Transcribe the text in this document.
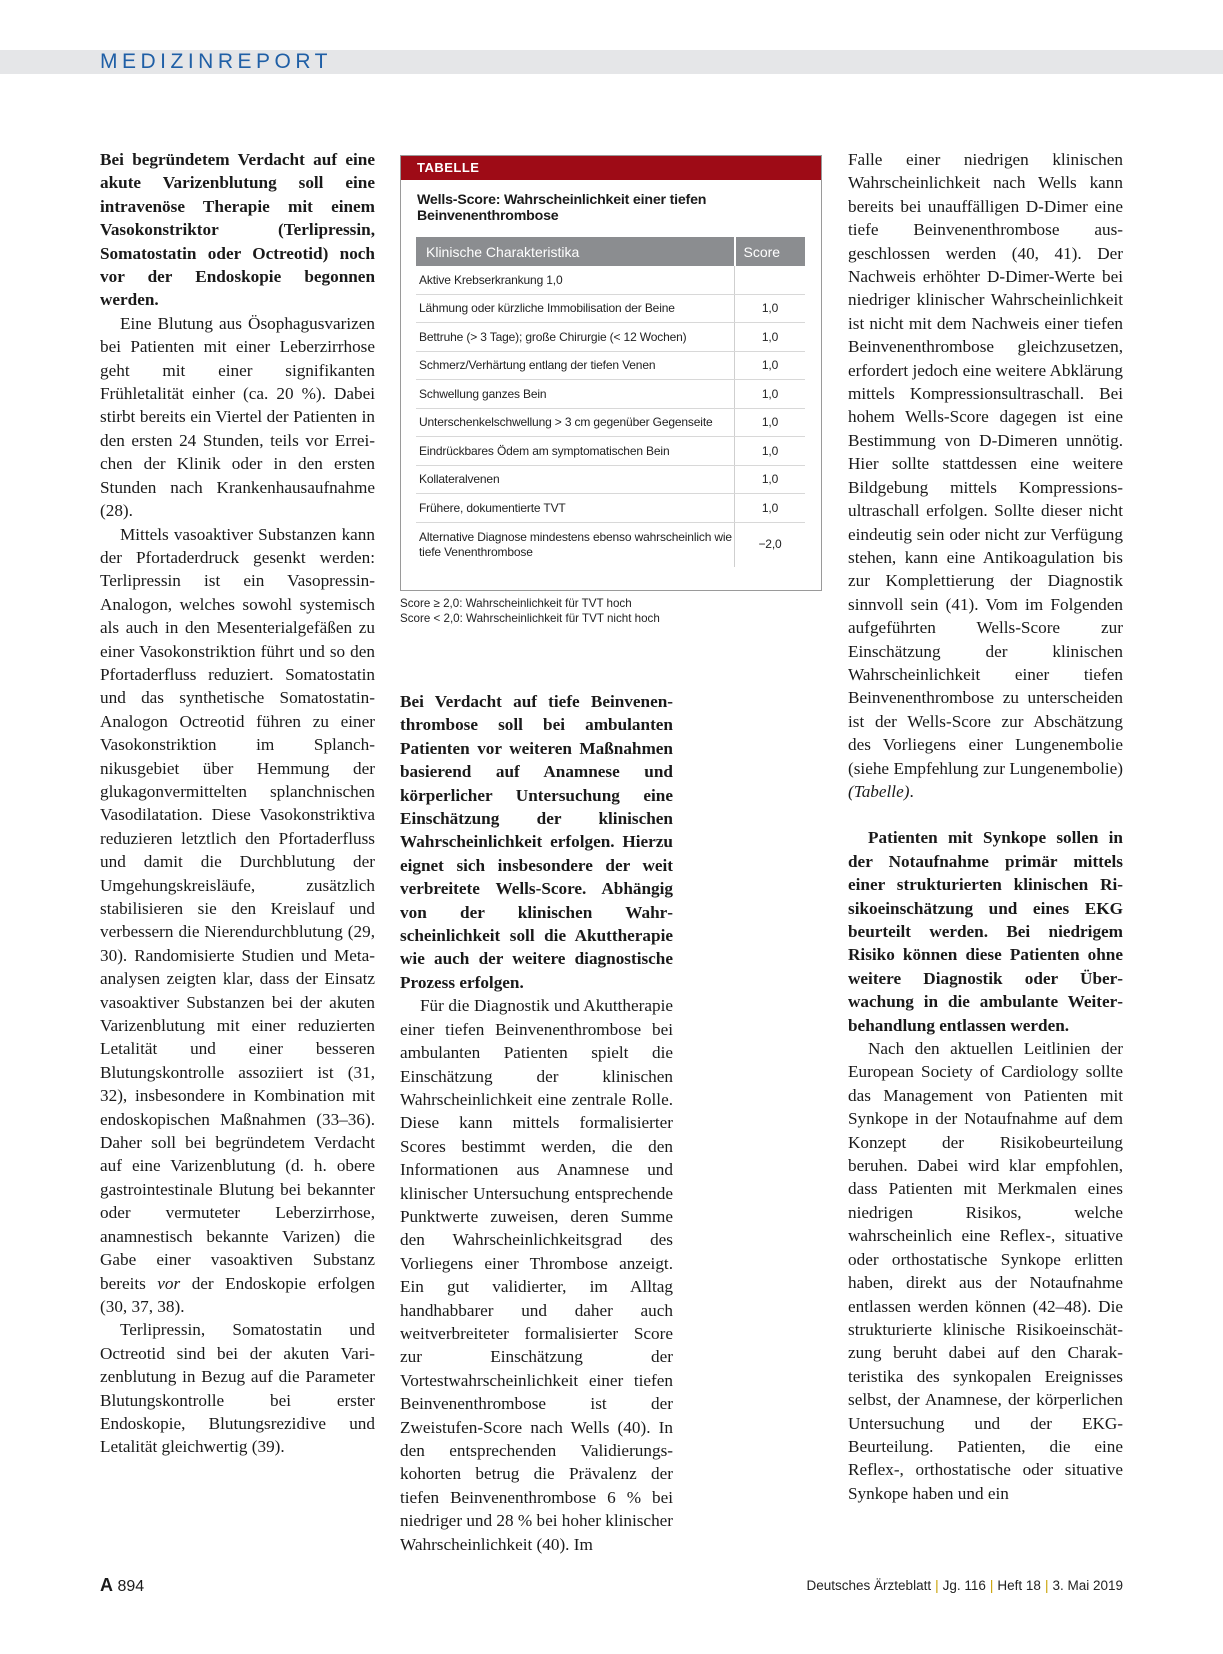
MEDIZINREPORT

Bei begründetem Verdacht auf eine akute Varizenblutung soll eine intravenöse Therapie mit einem Vasokonstriktor (Terlipressin, Somatostatin oder Octreotid) noch vor der Endoskopie begonnen werden.

Eine Blutung aus Ösophagusvarizen bei Patienten mit einer Leberzirrhose geht mit einer signifikanten Frühletalität einher (ca. 20 %). Dabei stirbt bereits ein Viertel der Patienten in den ersten 24 Stunden, teils vor Erreichen der Klinik oder in den ersten Stunden nach Krankenhausaufnahme (28).

Mittels vasoaktiver Substanzen kann der Pfortaderdruck gesenkt werden: Terlipressin ist ein Vasopressin-Analogon, welches sowohl systemisch als auch in den Mesenterialgefäßen zu einer Vasokonstriktion führt und so den Pfortaderfluss reduziert. Somatostatin und das synthetische Somatostatin-Analogon Octreotid führen zu einer Vasokonstriktion im Splanchnikusgebiet über Hemmung der glukagonvermittelten splanchnischen Vasodilatation. Diese Vasokonstriktiva reduzieren letztlich den Pfortaderfluss und damit die Durchblutung der Umgehungskreisläufe, zusätzlich stabilisieren sie den Kreislauf und verbessern die Nierendurchblutung (29, 30). Randomisierte Studien und Metaanalysen zeigten klar, dass der Einsatz vasoaktiver Substanzen bei der akuten Varizenblutung mit einer reduzierten Letalität und einer besseren Blutungskontrolle assoziiert ist (31, 32), insbesondere in Kombination mit endoskopischen Maßnahmen (33–36). Daher soll bei begründetem Verdacht auf eine Varizenblutung (d. h. obere gastrointestinale Blutung bei bekannter oder vermuteter Leberzirrhose, anamnestisch bekannte Varizen) die Gabe einer vasoaktiven Substanz bereits vor der Endoskopie erfolgen (30, 37, 38).

Terlipressin, Somatostatin und Octreotid sind bei der akuten Varizenblutung in Bezug auf die Parameter Blutungskontrolle bei erster Endoskopie, Blutungsrezidive und Letalität gleichwertig (39).

TABELLE
Wells-Score: Wahrscheinlichkeit einer tiefen Beinvenenthrombose
Klinische Charakteristika	Score
Aktive Krebserkrankung 1,0	
Lähmung oder kürzliche Immobilisation der Beine	1,0
Bettruhe (> 3 Tage); große Chirurgie (< 12 Wochen)	1,0
Schmerz/Verhärtung entlang der tiefen Venen	1,0
Schwellung ganzes Bein	1,0
Unterschenkelschwellung > 3 cm gegenüber Gegenseite	1,0
Eindrückbares Ödem am symptomatischen Bein	1,0
Kollateralvenen	1,0
Frühere, dokumentierte TVT	1,0
Alternative Diagnose mindestens ebenso wahrscheinlich wie tiefe Venenthrombose	−2,0
Score ≥ 2,0: Wahrscheinlichkeit für TVT hoch
Score < 2,0: Wahrscheinlichkeit für TVT nicht hoch

Bei Verdacht auf tiefe Beinvenenthrombose soll bei ambulanten Patienten vor weiteren Maßnahmen basierend auf Anamnese und körperlicher Untersuchung eine Einschätzung der klinischen Wahrscheinlichkeit erfolgen. Hierzu eignet sich insbesondere der weit verbreitete Wells-Score. Abhängig von der klinischen Wahrscheinlichkeit soll die Akuttherapie wie auch der weitere diagnostische Prozess erfolgen.

Für die Diagnostik und Akuttherapie einer tiefen Beinvenenthrombose bei ambulanten Patienten spielt die Einschätzung der klinischen Wahrscheinlichkeit eine zentrale Rolle. Diese kann mittels formalisierter Scores bestimmt werden, die den Informationen aus Anamnese und klinischer Untersuchung entsprechende Punktwerte zuweisen, deren Summe den Wahrscheinlichkeitsgrad des Vorliegens einer Thrombose anzeigt. Ein gut validierter, im Alltag handhabbarer und daher auch weitverbreiteter formalisierter Score zur Einschätzung der Vortestwahrscheinlichkeit einer tiefen Beinvenenthrombose ist der Zweistufen-Score nach Wells (40). In den entsprechenden Validierungskohorten betrug die Prävalenz der tiefen Beinvenenthrombose 6 % bei niedriger und 28 % bei hoher klinischer Wahrscheinlichkeit (40). Im

Falle einer niedrigen klinischen Wahrscheinlichkeit nach Wells kann bereits bei unauffälligen D-Dimer eine tiefe Beinvenenthrombose ausgeschlossen werden (40, 41). Der Nachweis erhöhter D-Dimer-Werte bei niedriger klinischer Wahrscheinlichkeit ist nicht mit dem Nachweis einer tiefen Beinvenenthrombose gleichzusetzen, erfordert jedoch eine weitere Abklärung mittels Kompressionsultraschall. Bei hohem Wells-Score dagegen ist eine Bestimmung von D-Dimeren unnötig. Hier sollte stattdessen eine weitere Bildgebung mittels Kompressionsultraschall erfolgen. Sollte dieser nicht eindeutig sein oder nicht zur Verfügung stehen, kann eine Antikoagulation bis zur Komplettierung der Diagnostik sinnvoll sein (41). Vom im Folgenden aufgeführten Wells-Score zur Einschätzung der klinischen Wahrscheinlichkeit einer tiefen Beinvenenthrombose zu unterscheiden ist der Wells-Score zur Abschätzung des Vorliegens einer Lungenembolie (siehe Empfehlung zur Lungenembolie) (Tabelle).

Patienten mit Synkope sollen in der Notaufnahme primär mittels einer strukturierten klinischen Risikoeinschätzung und eines EKG beurteilt werden. Bei niedrigem Risiko können diese Patienten ohne weitere Diagnostik oder Überwachung in die ambulante Weiterbehandlung entlassen werden.

Nach den aktuellen Leitlinien der European Society of Cardiology sollte das Management von Patienten mit Synkope in der Notaufnahme auf dem Konzept der Risikobeurteilung beruhen. Dabei wird klar empfohlen, dass Patienten mit Merkmalen eines niedrigen Risikos, welche wahrscheinlich eine Reflex-, situative oder orthostatische Synkope erlitten haben, direkt aus der Notaufnahme entlassen werden können (42–48). Die strukturierte klinische Risikoeinschätzung beruht dabei auf den Charakteristika des synkopalen Ereignisses selbst, der Anamnese, der körperlichen Untersuchung und der EKG-Beurteilung. Patienten, die eine Reflex-, orthostatische oder situative Synkope haben und ein

A 894	Deutsches Ärzteblatt | Jg. 116 | Heft 18 | 3. Mai 2019
